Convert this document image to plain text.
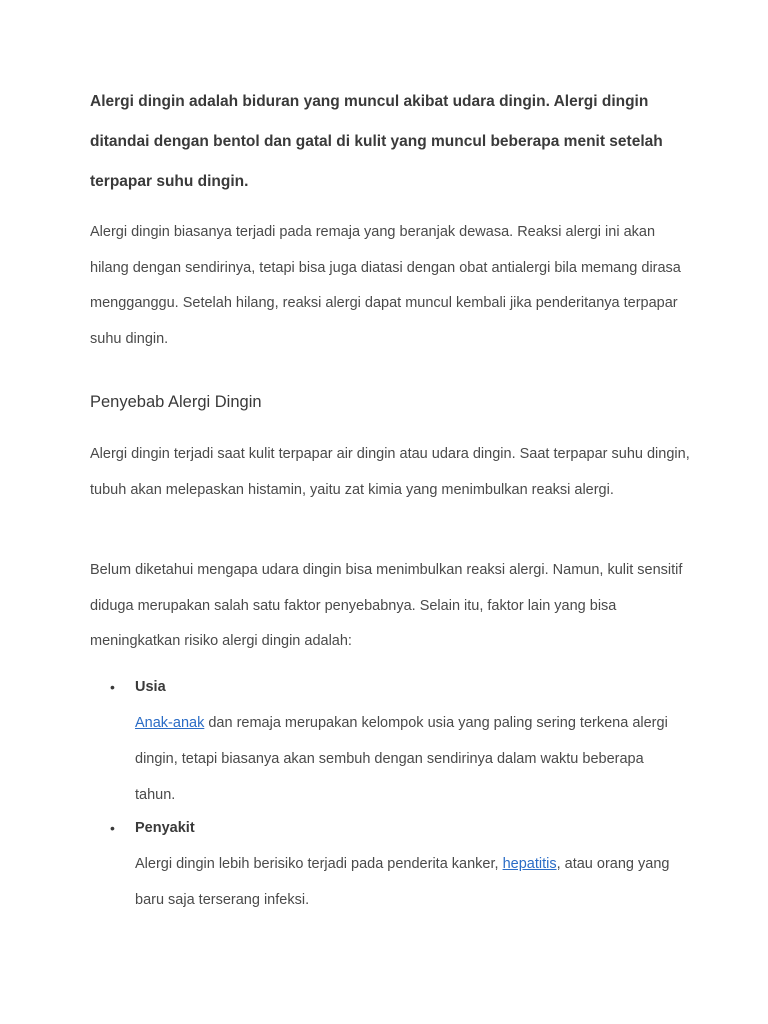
Alergi dingin adalah biduran yang muncul akibat udara dingin. Alergi dingin ditandai dengan bentol dan gatal di kulit yang muncul beberapa menit setelah terpapar suhu dingin.

Alergi dingin biasanya terjadi pada remaja yang beranjak dewasa. Reaksi alergi ini akan hilang dengan sendirinya, tetapi bisa juga diatasi dengan obat antialergi bila memang dirasa mengganggu. Setelah hilang, reaksi alergi dapat muncul kembali jika penderitanya terpapar suhu dingin.

Penyebab Alergi Dingin

Alergi dingin terjadi saat kulit terpapar air dingin atau udara dingin. Saat terpapar suhu dingin, tubuh akan melepaskan histamin, yaitu zat kimia yang menimbulkan reaksi alergi.

Belum diketahui mengapa udara dingin bisa menimbulkan reaksi alergi. Namun, kulit sensitif diduga merupakan salah satu faktor penyebabnya. Selain itu, faktor lain yang bisa meningkatkan risiko alergi dingin adalah:

• Usia

Anak-anak dan remaja merupakan kelompok usia yang paling sering terkena alergi dingin, tetapi biasanya akan sembuh dengan sendirinya dalam waktu beberapa tahun.

• Penyakit

Alergi dingin lebih berisiko terjadi pada penderita kanker, hepatitis, atau orang yang baru saja terserang infeksi.
